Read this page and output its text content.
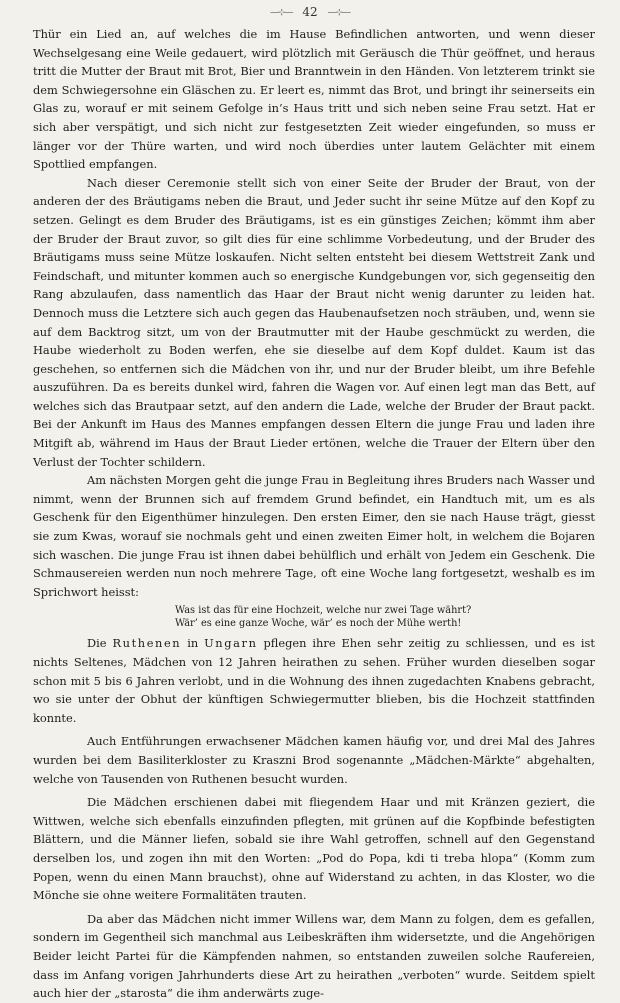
—⊹— 42 —⊹—

Thür ein Lied an, auf welches die im Hause Befindlichen antworten, und wenn dieser Wechselgesang eine Weile gedauert, wird plötzlich mit Geräusch die Thür geöffnet, und heraus tritt die Mutter der Braut mit Brot, Bier und Branntwein in den Händen. Von letzterem trinkt sie dem Schwiegersohne ein Gläschen zu. Er leert es, nimmt das Brot, und bringt ihr seinerseits ein Glas zu, worauf er mit seinem Gefolge in’s Haus tritt und sich neben seine Frau setzt. Hat er sich aber verspätigt, und sich nicht zur festgesetzten Zeit wieder eingefunden, so muss er länger vor der Thüre warten, und wird noch überdies unter lautem Gelächter mit einem Spottlied empfangen.

Nach dieser Ceremonie stellt sich von einer Seite der Bruder der Braut, von der anderen der des Bräutigams neben die Braut, und Jeder sucht ihr seine Mütze auf den Kopf zu setzen. Gelingt es dem Bruder des Bräutigams, ist es ein günstiges Zeichen; kömmt ihm aber der Bruder der Braut zuvor, so gilt dies für eine schlimme Vorbedeutung, und der Bruder des Bräutigams muss seine Mütze loskaufen. Nicht selten entsteht bei diesem Wettstreit Zank und Feindschaft, und mitunter kommen auch so energische Kundgebungen vor, sich gegenseitig den Rang abzulaufen, dass namentlich das Haar der Braut nicht wenig darunter zu leiden hat. Dennoch muss die Letztere sich auch gegen das Haubenaufsetzen noch sträuben, und, wenn sie auf dem Backtrog sitzt, um von der Brautmutter mit der Haube geschmückt zu werden, die Haube wiederholt zu Boden werfen, ehe sie dieselbe auf dem Kopf duldet. Kaum ist das geschehen, so entfernen sich die Mädchen von ihr, und nur der Bruder bleibt, um ihre Befehle auszuführen. Da es bereits dunkel wird, fahren die Wagen vor. Auf einen legt man das Bett, auf welches sich das Brautpaar setzt, auf den andern die Lade, welche der Bruder der Braut packt. Bei der Ankunft im Haus des Mannes empfangen dessen Eltern die junge Frau und laden ihre Mitgift ab, während im Haus der Braut Lieder ertönen, welche die Trauer der Eltern über den Verlust der Tochter schildern.

Am nächsten Morgen geht die junge Frau in Begleitung ihres Bruders nach Wasser und nimmt, wenn der Brunnen sich auf fremdem Grund befindet, ein Handtuch mit, um es als Geschenk für den Eigenthümer hinzulegen. Den ersten Eimer, den sie nach Hause trägt, giesst sie zum Kwas, worauf sie nochmals geht und einen zweiten Eimer holt, in welchem die Bojaren sich waschen. Die junge Frau ist ihnen dabei behülflich und erhält von Jedem ein Geschenk. Die Schmausereien werden nun noch mehrere Tage, oft eine Woche lang fortgesetzt, weshalb es im Sprichwort heisst:

Was ist das für eine Hochzeit, welche nur zwei Tage währt?
Wär’ es eine ganze Woche, wär’ es noch der Mühe werth!

Die Ruthenen in Ungarn pflegen ihre Ehen sehr zeitig zu schliessen, und es ist nichts Seltenes, Mädchen von 12 Jahren heirathen zu sehen. Früher wurden dieselben sogar schon mit 5 bis 6 Jahren verlobt, und in die Wohnung des ihnen zugedachten Knabens gebracht, wo sie unter der Obhut der künftigen Schwiegermutter blieben, bis die Hochzeit stattfinden konnte.

Auch Entführungen erwachsener Mädchen kamen häufig vor, und drei Mal des Jahres wurden bei dem Basiliterkloster zu Kraszni Brod sogenannte „Mädchen-Märkte“ abgehalten, welche von Tausenden von Ruthenen besucht wurden.

Die Mädchen erschienen dabei mit fliegendem Haar und mit Kränzen geziert, die Wittwen, welche sich ebenfalls einzufinden pflegten, mit grünen auf die Kopfbinde befestigten Blättern, und die Männer liefen, sobald sie ihre Wahl getroffen, schnell auf den Gegenstand derselben los, und zogen ihn mit den Worten: „Pod do Popa, kdi ti treba hlopa“ (Komm zum Popen, wenn du einen Mann brauchst), ohne auf Widerstand zu achten, in das Kloster, wo die Mönche sie ohne weitere Formalitäten trauten.

Da aber das Mädchen nicht immer Willens war, dem Mann zu folgen, dem es gefallen, sondern im Gegentheil sich manchmal aus Leibeskräften ihm widersetzte, und die Angehörigen Beider leicht Partei für die Kämpfenden nahmen, so entstanden zuweilen solche Raufereien, dass im Anfang vorigen Jahrhunderts diese Art zu heirathen „verboten“ wurde. Seitdem spielt auch hier der „starosta“ die ihm anderwärts zuge-
